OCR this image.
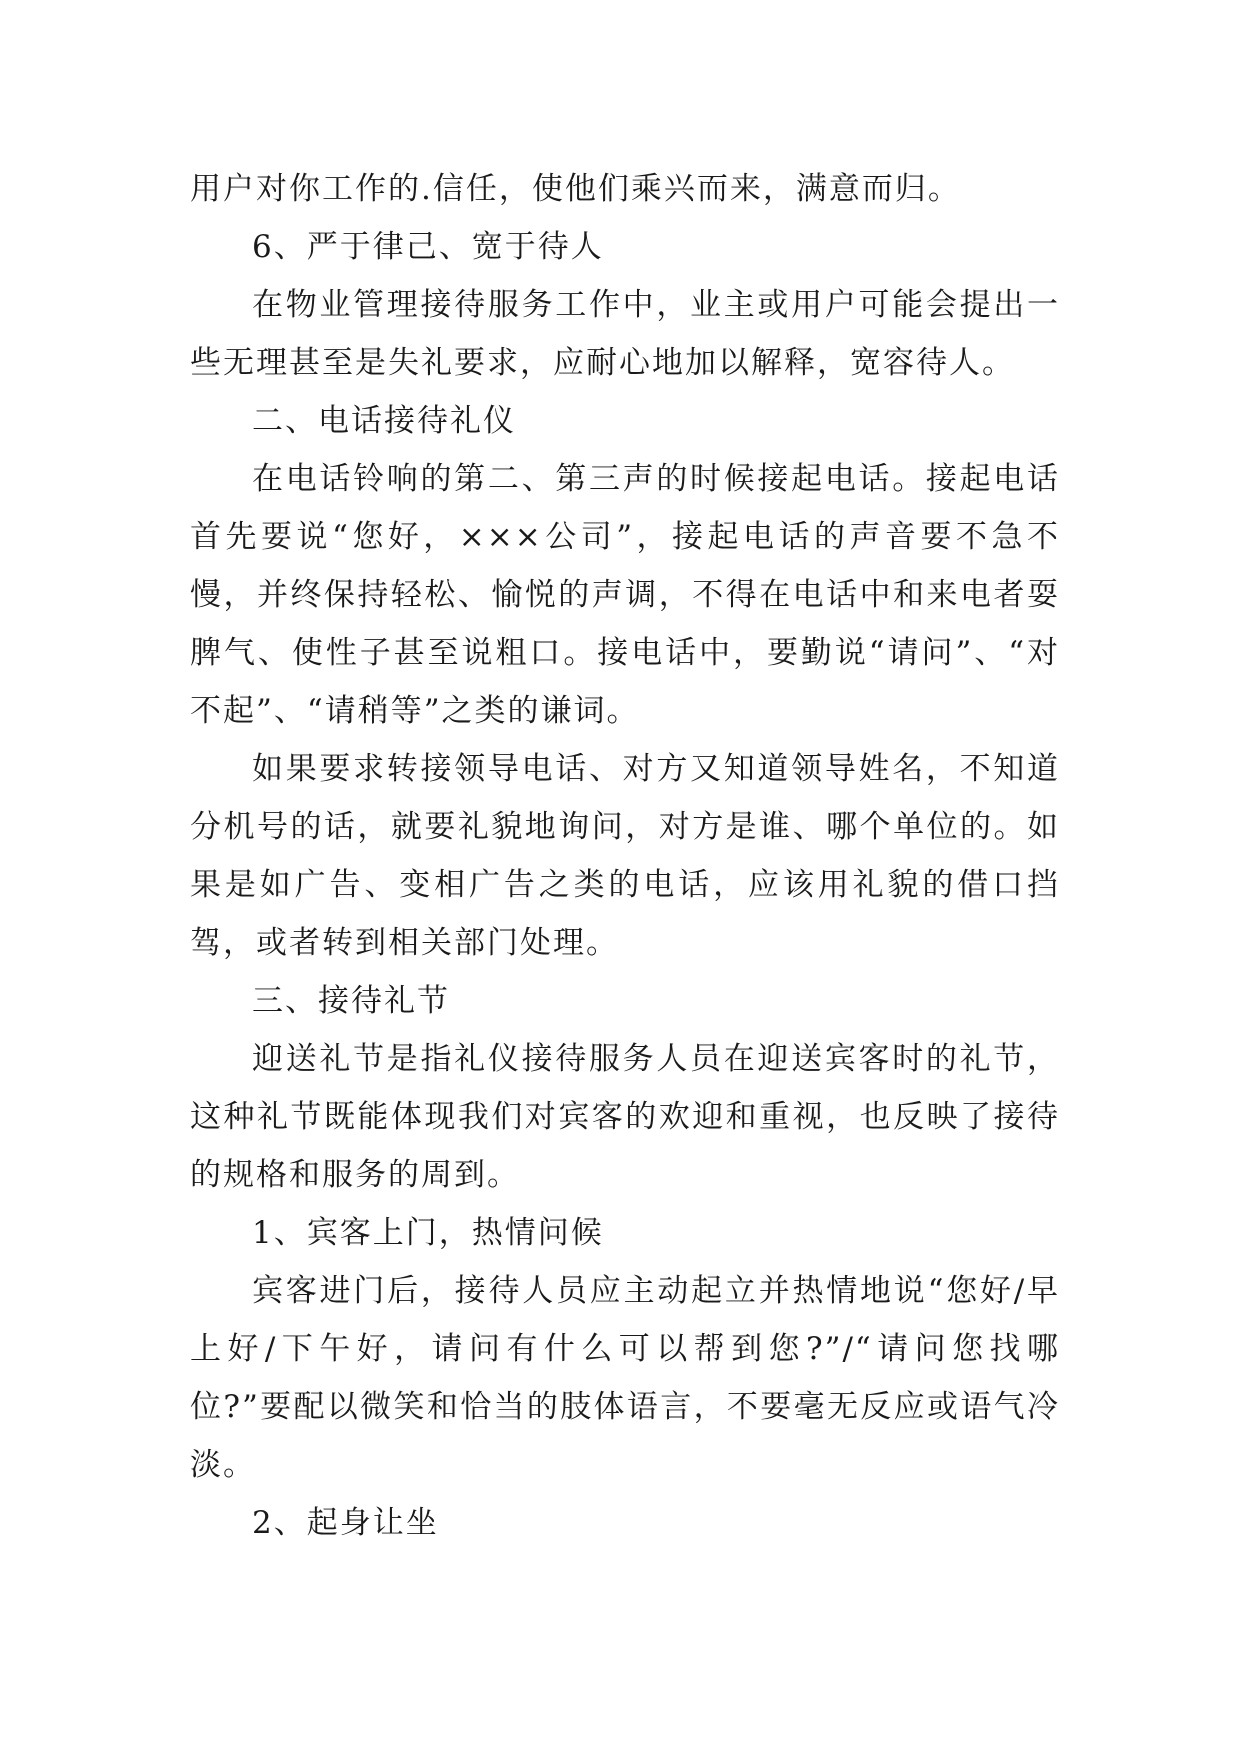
用户对你工作的.信任，使他们乘兴而来，满意而归。

6、严于律己、宽于待人

在物业管理接待服务工作中，业主或用户可能会提出一些无理甚至是失礼要求，应耐心地加以解释，宽容待人。

二、电话接待礼仪

在电话铃响的第二、第三声的时候接起电话。接起电话首先要说“您好，×××公司”，接起电话的声音要不急不慢，并终保持轻松、愉悦的声调，不得在电话中和来电者耍脾气、使性子甚至说粗口。接电话中，要勤说“请问”、“对不起”、“请稍等”之类的谦词。

如果要求转接领导电话、对方又知道领导姓名，不知道分机号的话，就要礼貌地询问，对方是谁、哪个单位的。如果是如广告、变相广告之类的电话，应该用礼貌的借口挡驾，或者转到相关部门处理。

三、接待礼节

迎送礼节是指礼仪接待服务人员在迎送宾客时的礼节，这种礼节既能体现我们对宾客的欢迎和重视，也反映了接待的规格和服务的周到。

1、宾客上门，热情问候

宾客进门后，接待人员应主动起立并热情地说“您好/早上好/下午好，请问有什么可以帮到您?”/“请问您找哪位?”要配以微笑和恰当的肢体语言，不要毫无反应或语气冷淡。

2、起身让坐
